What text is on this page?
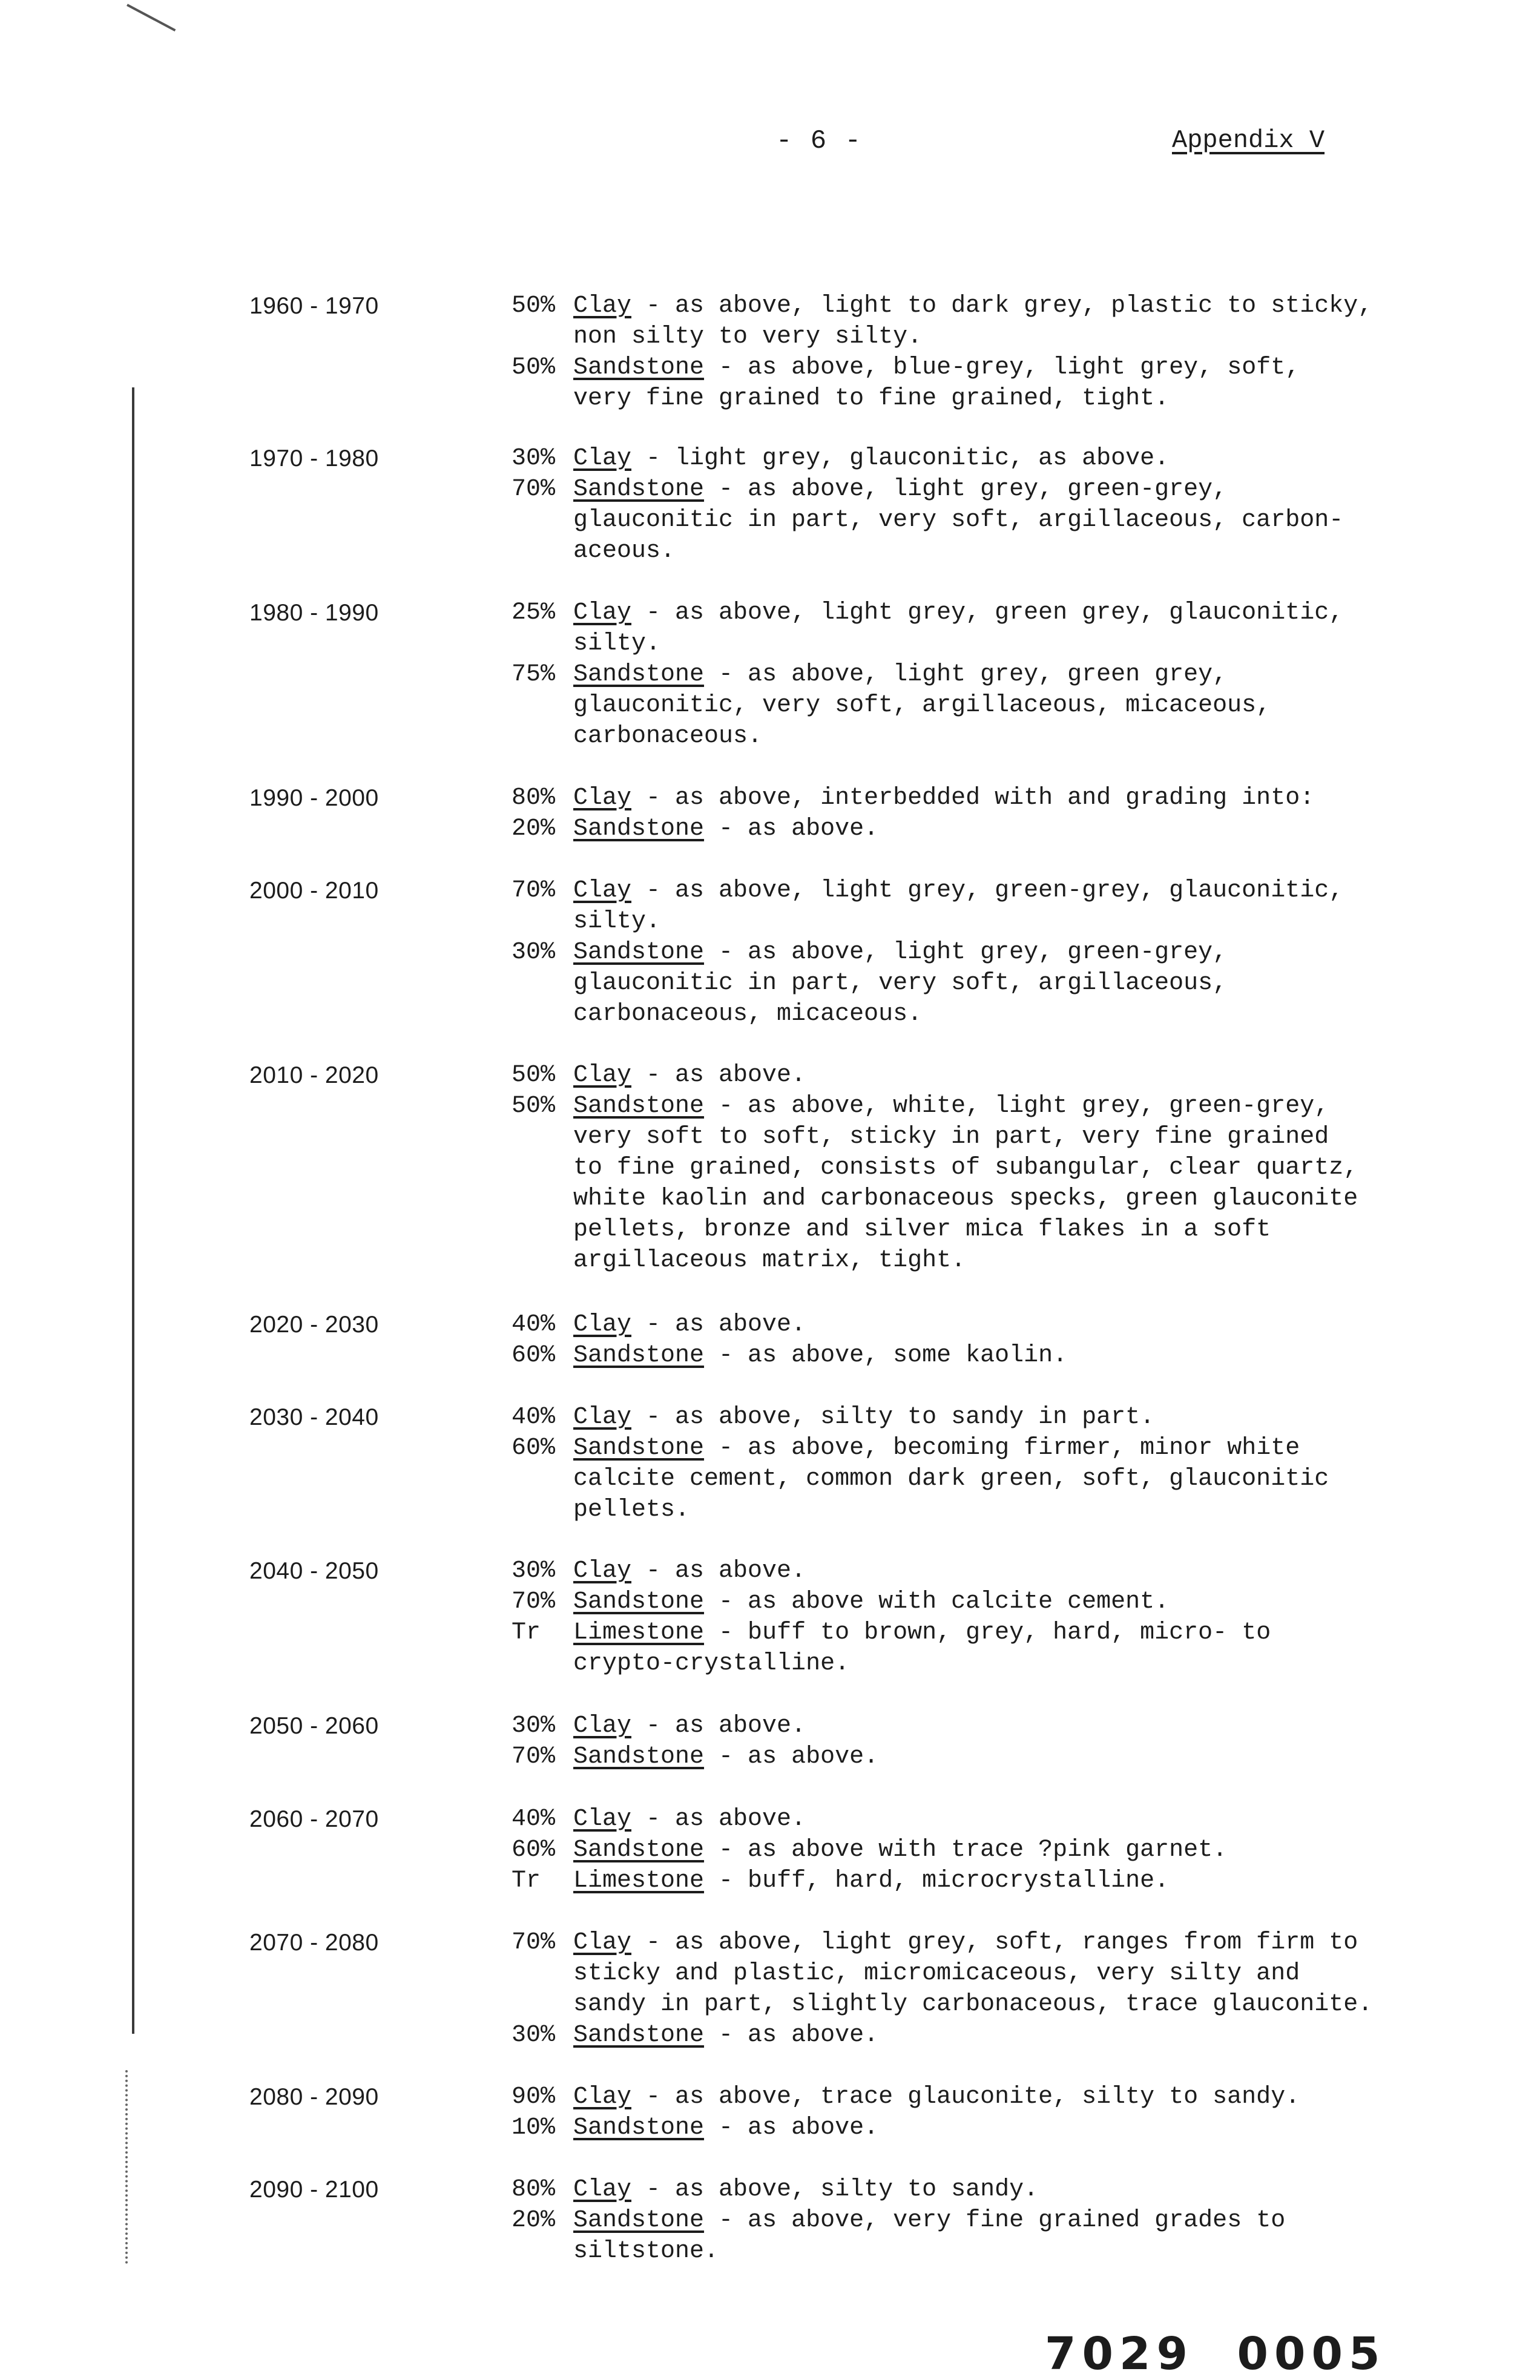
- 6 -	Appendix V
1960 - 1970	50% Clay - as above, light to dark grey, plastic to sticky,
non silty to very silty.
50% Sandstone - as above, blue-grey, light grey, soft,
very fine grained to fine grained, tight.
1970 - 1980	30% Clay - light grey, glauconitic, as above.
70% Sandstone - as above, light grey, green-grey,
glauconitic in part, very soft, argillaceous, carbon-
aceous.
1980 - 1990	25% Clay - as above, light grey, green grey, glauconitic,
silty.
75% Sandstone - as above, light grey, green grey,
glauconitic, very soft, argillaceous, micaceous,
carbonaceous.
1990 - 2000	80% Clay - as above, interbedded with and grading into:
20% Sandstone - as above.
2000 - 2010	70% Clay - as above, light grey, green-grey, glauconitic,
silty.
30% Sandstone - as above, light grey, green-grey,
glauconitic in part, very soft, argillaceous,
carbonaceous, micaceous.
2010 - 2020	50% Clay - as above.
50% Sandstone - as above, white, light grey, green-grey,
very soft to soft, sticky in part, very fine grained
to fine grained, consists of subangular, clear quartz,
white kaolin and carbonaceous specks, green glauconite
pellets, bronze and silver mica flakes in a soft
argillaceous matrix, tight.
2020 - 2030	40% Clay - as above.
60% Sandstone - as above, some kaolin.
2030 - 2040	40% Clay - as above, silty to sandy in part.
60% Sandstone - as above, becoming firmer, minor white
calcite cement, common dark green, soft, glauconitic
pellets.
2040 - 2050	30% Clay - as above.
70% Sandstone - as above with calcite cement.
Tr Limestone - buff to brown, grey, hard, micro- to
crypto-crystalline.
2050 - 2060	30% Clay - as above.
70% Sandstone - as above.
2060 - 2070	40% Clay - as above.
60% Sandstone - as above with trace ?pink garnet.
Tr Limestone - buff, hard, microcrystalline.
2070 - 2080	70% Clay - as above, light grey, soft, ranges from firm to
sticky and plastic, micromicaceous, very silty and
sandy in part, slightly carbonaceous, trace glauconite.
30% Sandstone - as above.
2080 - 2090	90% Clay - as above, trace glauconite, silty to sandy.
10% Sandstone - as above.
2090 - 2100	80% Clay - as above, silty to sandy.
20% Sandstone - as above, very fine grained grades to
siltstone.
7029  0005
